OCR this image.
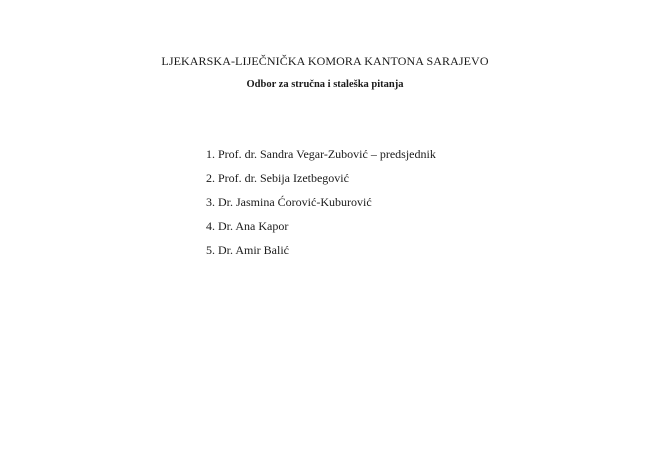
LJEKARSKA-LIJEČNIČKA KOMORA KANTONA SARAJEVO
Odbor za stručna i staleška pitanja
1. Prof. dr. Sandra Vegar-Zubović – predsjednik
2. Prof. dr. Sebija Izetbegović
3. Dr. Jasmina Ćorović-Kuburović
4. Dr. Ana Kapor
5. Dr. Amir Balić
